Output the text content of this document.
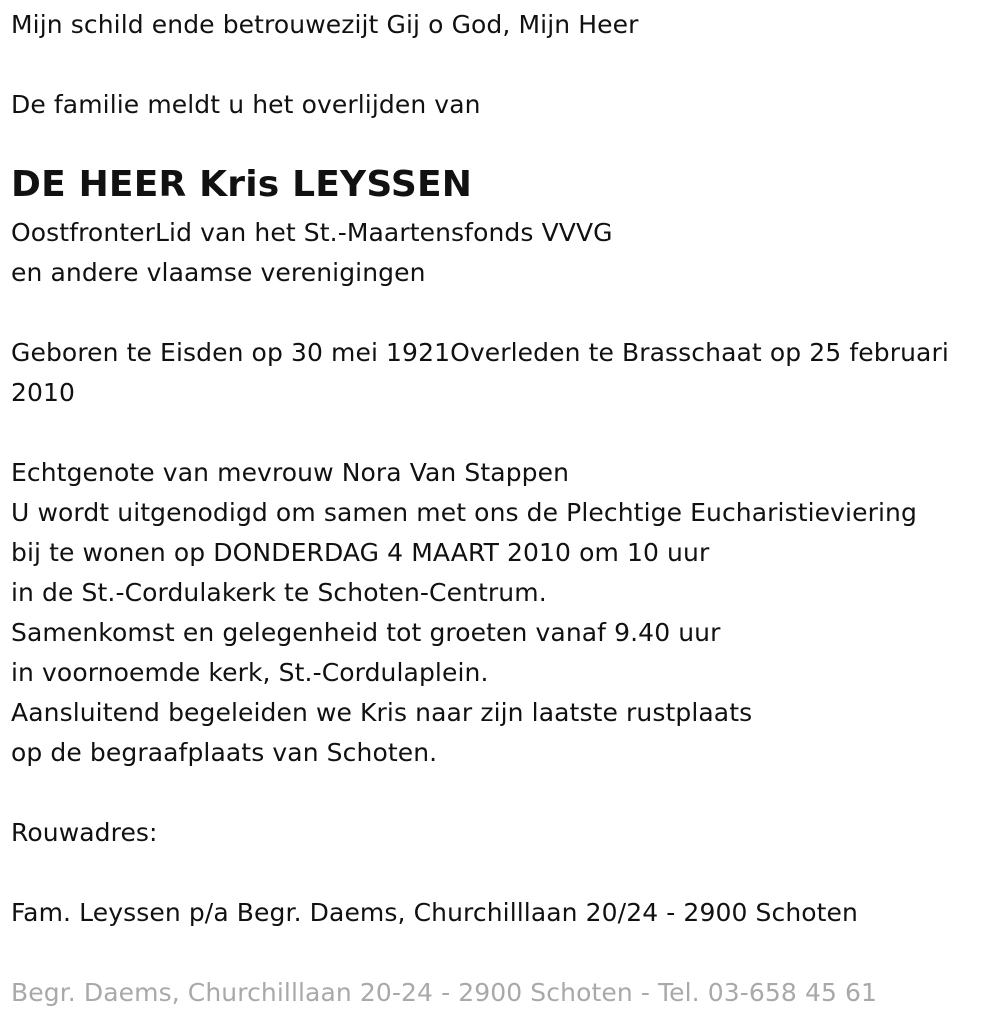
Mijn schild ende betrouwezijt Gij o God, Mijn Heer
De familie meldt u het overlijden van
DE HEER Kris LEYSSEN
OostfronterLid van het St.-Maartensfonds VVVG
en andere vlaamse verenigingen
Geboren te Eisden op 30 mei 1921Overleden te Brasschaat op 25 februari
2010
Echtgenote van mevrouw Nora Van Stappen
U wordt uitgenodigd om samen met ons de Plechtige Eucharistieviering
bij te wonen op DONDERDAG 4 MAART 2010 om 10 uur
in de St.-Cordulakerk te Schoten-Centrum.
Samenkomst en gelegenheid tot groeten vanaf 9.40 uur
in voornoemde kerk, St.-Cordulaplein.
Aansluitend begeleiden we Kris naar zijn laatste rustplaats
op de begraafplaats van Schoten.
Rouwadres:
Fam. Leyssen p/a Begr. Daems, Churchilllaan 20/24 - 2900 Schoten
Begr. Daems, Churchilllaan 20-24 - 2900 Schoten - Tel. 03-658 45 61
